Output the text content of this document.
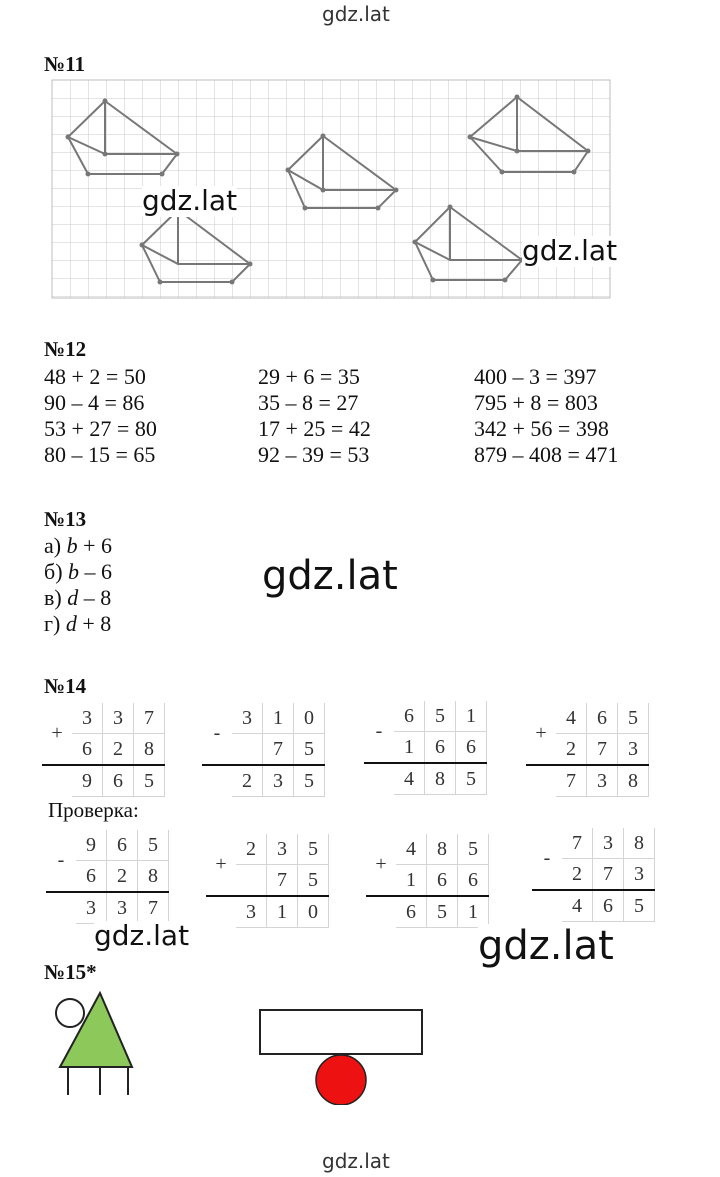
gdz.lat
№11
gdz.lat
gdz.lat
№12
48 + 2 = 50
90 – 4 = 86
53 + 27 = 80
80 – 15 = 65
29 + 6 = 35
35 – 8 = 27
17 + 25 = 42
92 – 39 = 53
400 – 3 = 397
795 + 8 = 803
342 + 56 = 398
879 – 408 = 471
№13
а) b + 6
б) b – 6
в) d – 8
г) d + 8
gdz.lat
№14
+	3	3	7
	6	2	8
	9	6	5
-	3	1	0
		7	5
	2	3	5
-	6	5	1
	1	6	6
	4	8	5
+	4	6	5
	2	7	3
	7	3	8
Проверка:
-	9	6	5
	6	2	8
	3	3	7
+	2	3	5
		7	5
	3	1	0
+	4	8	5
	1	6	6
	6	5	1
-	7	3	8
	2	7	3
	4	6	5
gdz.lat	gdz.lat
№15*
gdz.lat
